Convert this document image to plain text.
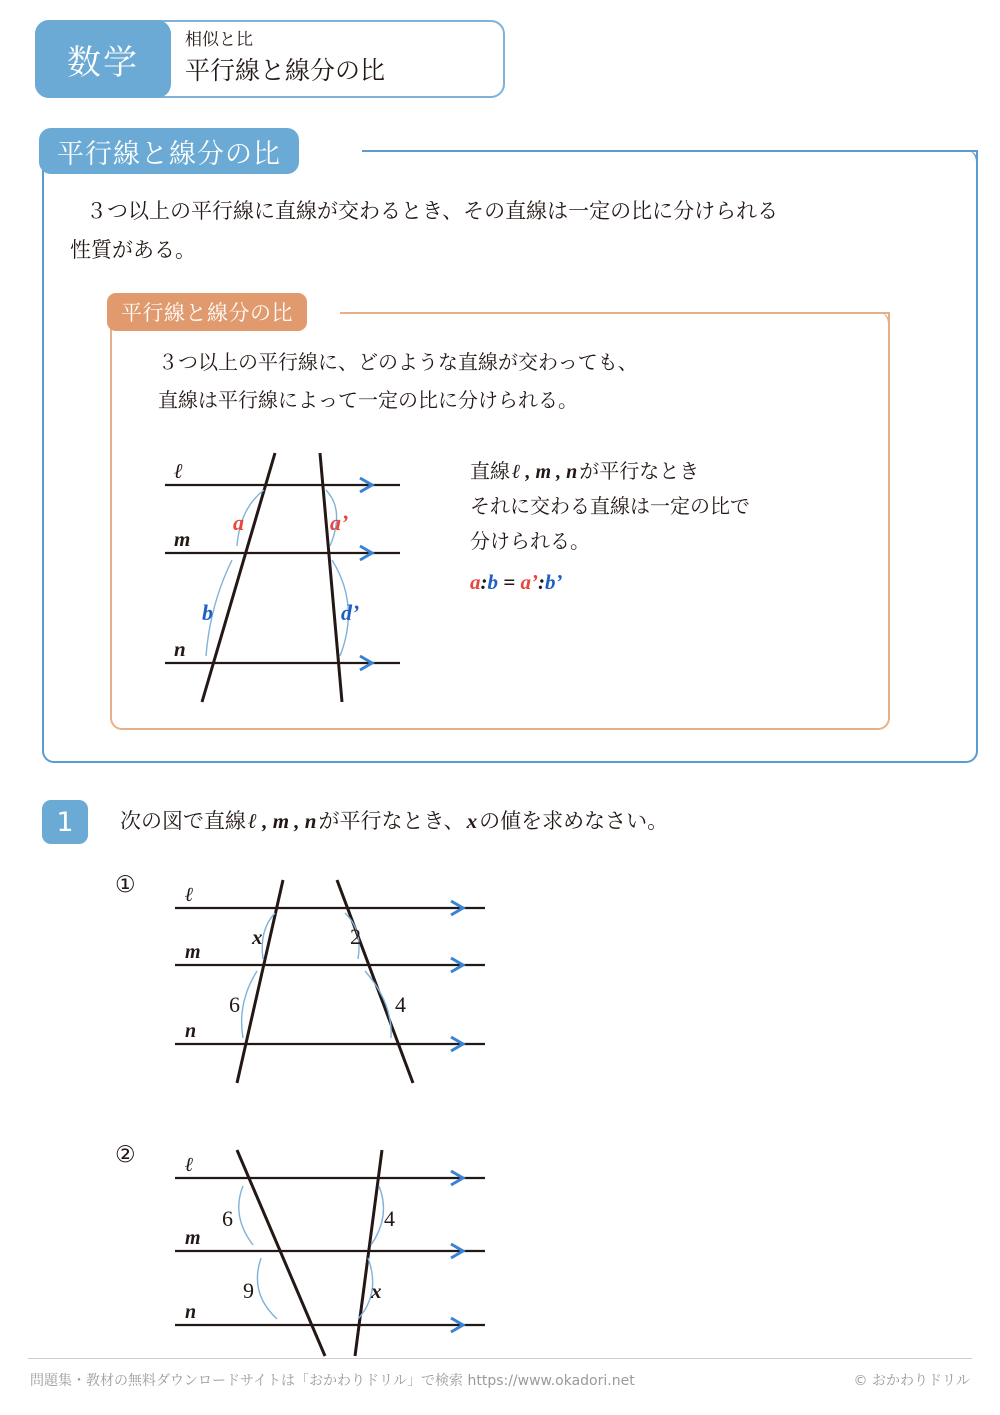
数学
相似と比
平行線と線分の比
平行線と線分の比
３つ以上の平行線に直線が交わるとき、その直線は一定の比に分けられる
性質がある。
平行線と線分の比
３つ以上の平行線に、どのような直線が交わっても、
直線は平行線によって一定の比に分けられる。
ℓ
m
n
a	a’
b	d’
直線 ℓ , m , n が平行なとき
それに交わる直線は一定の比で
分けられる。
a:b = a’:b’
1 次の図で直線ℓ , m , nが平行なとき、xの値を求めなさい。
①
②
ℓ
m
n
x	2
6	4
ℓ
m
n
6	4
9	x
問題集・教材の無料ダウンロードサイトは「おかわりドリル」で検索 https://www.okadori.net	© おかわりドリル
